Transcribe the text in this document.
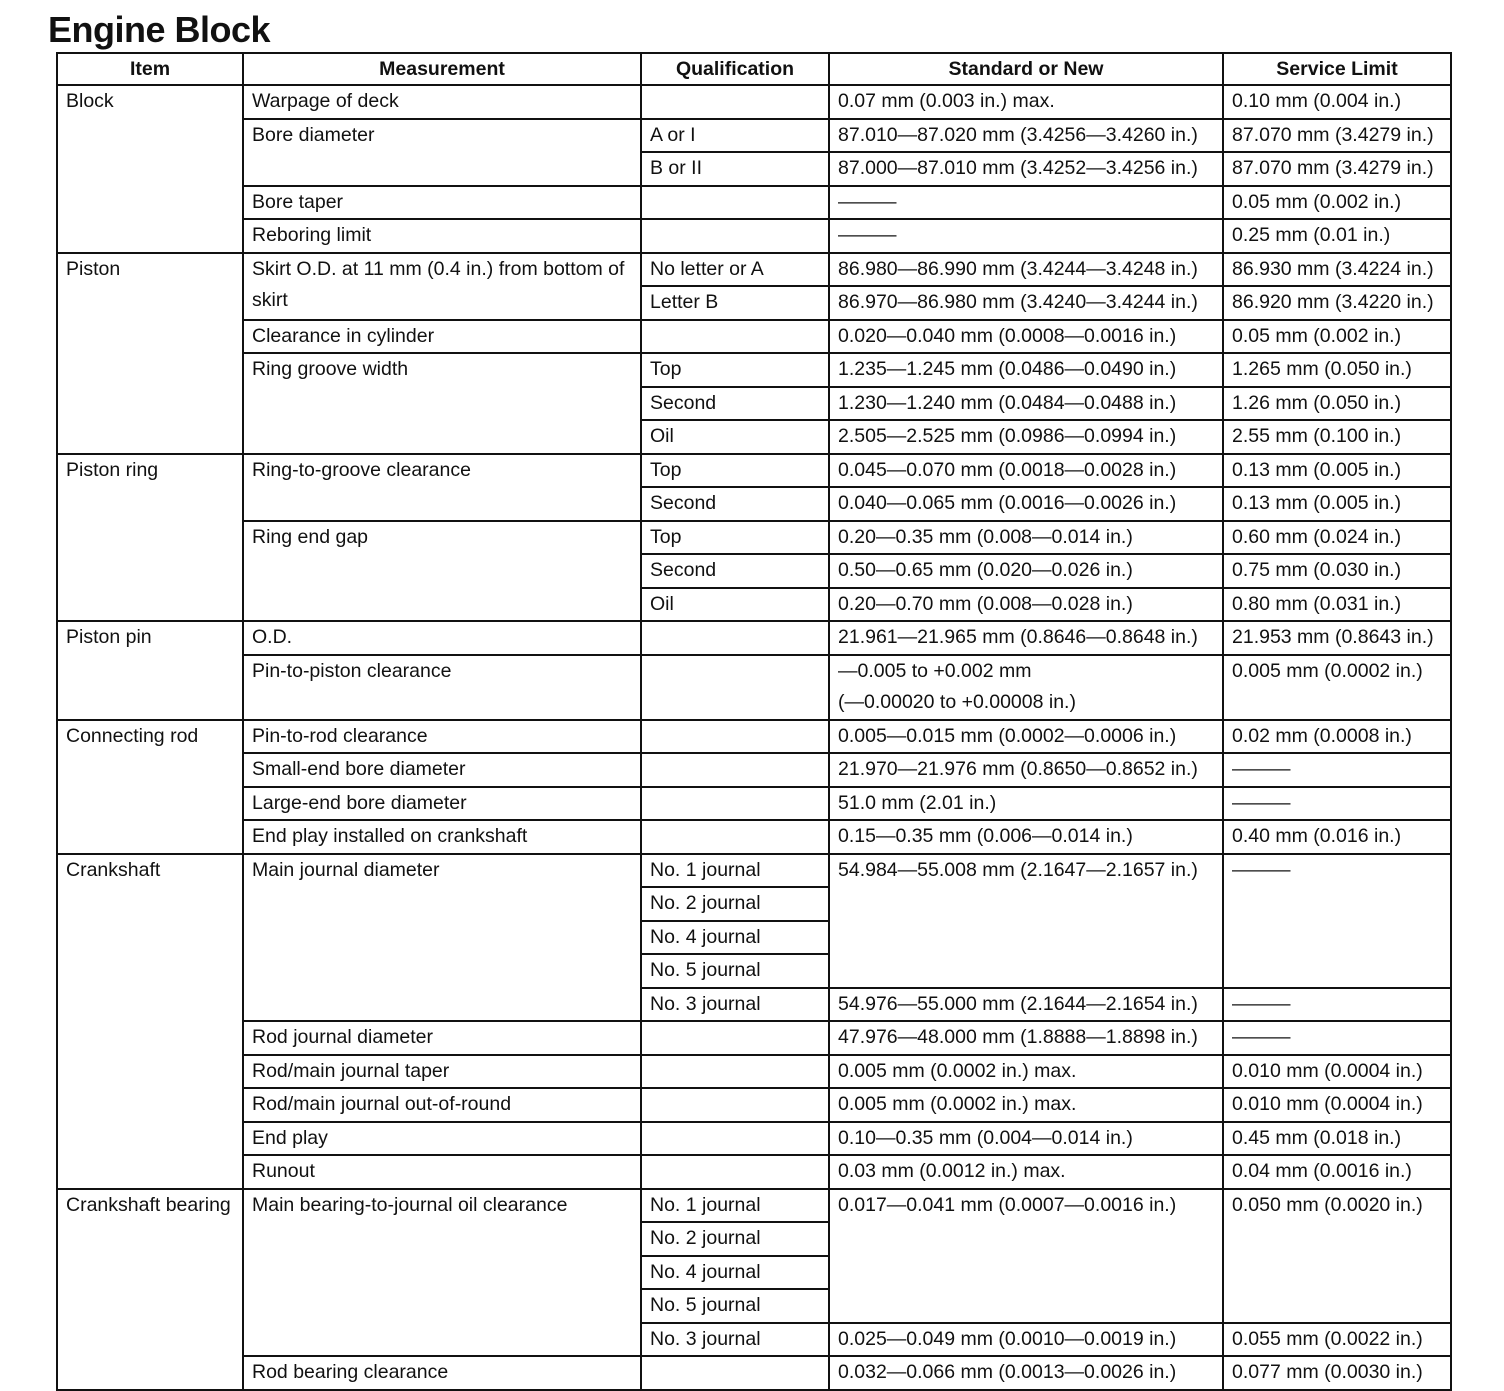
Engine Block
Item	Measurement	Qualification	Standard or New	Service Limit
Block	Warpage of deck		0.07 mm (0.003 in.) max.	0.10 mm (0.004 in.)
	Bore diameter	A or I	87.010—87.020 mm (3.4256—3.4260 in.)	87.070 mm (3.4279 in.)
		B or II	87.000—87.010 mm (3.4252—3.4256 in.)	87.070 mm (3.4279 in.)
	Bore taper		———	0.05 mm (0.002 in.)
	Reboring limit		———	0.25 mm (0.01 in.)
Piston	Skirt O.D. at 11 mm (0.4 in.) from bottom of skirt	No letter or A	86.980—86.990 mm (3.4244—3.4248 in.)	86.930 mm (3.4224 in.)
		Letter B	86.970—86.980 mm (3.4240—3.4244 in.)	86.920 mm (3.4220 in.)
	Clearance in cylinder		0.020—0.040 mm (0.0008—0.0016 in.)	0.05 mm (0.002 in.)
	Ring groove width	Top	1.235—1.245 mm (0.0486—0.0490 in.)	1.265 mm (0.050 in.)
		Second	1.230—1.240 mm (0.0484—0.0488 in.)	1.26 mm (0.050 in.)
		Oil	2.505—2.525 mm (0.0986—0.0994 in.)	2.55 mm (0.100 in.)
Piston ring	Ring-to-groove clearance	Top	0.045—0.070 mm (0.0018—0.0028 in.)	0.13 mm (0.005 in.)
		Second	0.040—0.065 mm (0.0016—0.0026 in.)	0.13 mm (0.005 in.)
	Ring end gap	Top	0.20—0.35 mm (0.008—0.014 in.)	0.60 mm (0.024 in.)
		Second	0.50—0.65 mm (0.020—0.026 in.)	0.75 mm (0.030 in.)
		Oil	0.20—0.70 mm (0.008—0.028 in.)	0.80 mm (0.031 in.)
Piston pin	O.D.		21.961—21.965 mm (0.8646—0.8648 in.)	21.953 mm (0.8643 in.)
	Pin-to-piston clearance		—0.005 to +0.002 mm
(—0.00020 to +0.00008 in.)	0.005 mm (0.0002 in.)

Connecting rod	Pin-to-rod clearance		0.005—0.015 mm (0.0002—0.0006 in.)	0.02 mm (0.0008 in.)
	Small-end bore diameter		21.970—21.976 mm (0.8650—0.8652 in.)	———
	Large-end bore diameter		51.0 mm (2.01 in.)	———
	End play installed on crankshaft		0.15—0.35 mm (0.006—0.014 in.)	0.40 mm (0.016 in.)
Crankshaft	Main journal diameter	No. 1 journal	54.984—55.008 mm (2.1647—2.1657 in.)	———
		No. 2 journal		
		No. 4 journal		
		No. 5 journal		
		No. 3 journal	54.976—55.000 mm (2.1644—2.1654 in.)	———
	Rod journal diameter		47.976—48.000 mm (1.8888—1.8898 in.)	———
	Rod/main journal taper		0.005 mm (0.0002 in.) max.	0.010 mm (0.0004 in.)
	Rod/main journal out-of-round		0.005 mm (0.0002 in.) max.	0.010 mm (0.0004 in.)
	End play		0.10—0.35 mm (0.004—0.014 in.)	0.45 mm (0.018 in.)
	Runout		0.03 mm (0.0012 in.) max.	0.04 mm (0.0016 in.)
Crankshaft bearing	Main bearing-to-journal oil clearance	No. 1 journal	0.017—0.041 mm (0.0007—0.0016 in.)	0.050 mm (0.0020 in.)
		No. 2 journal		
		No. 4 journal		
		No. 5 journal		
		No. 3 journal	0.025—0.049 mm (0.0010—0.0019 in.)	0.055 mm (0.0022 in.)
	Rod bearing clearance		0.032—0.066 mm (0.0013—0.0026 in.)	0.077 mm (0.0030 in.)
